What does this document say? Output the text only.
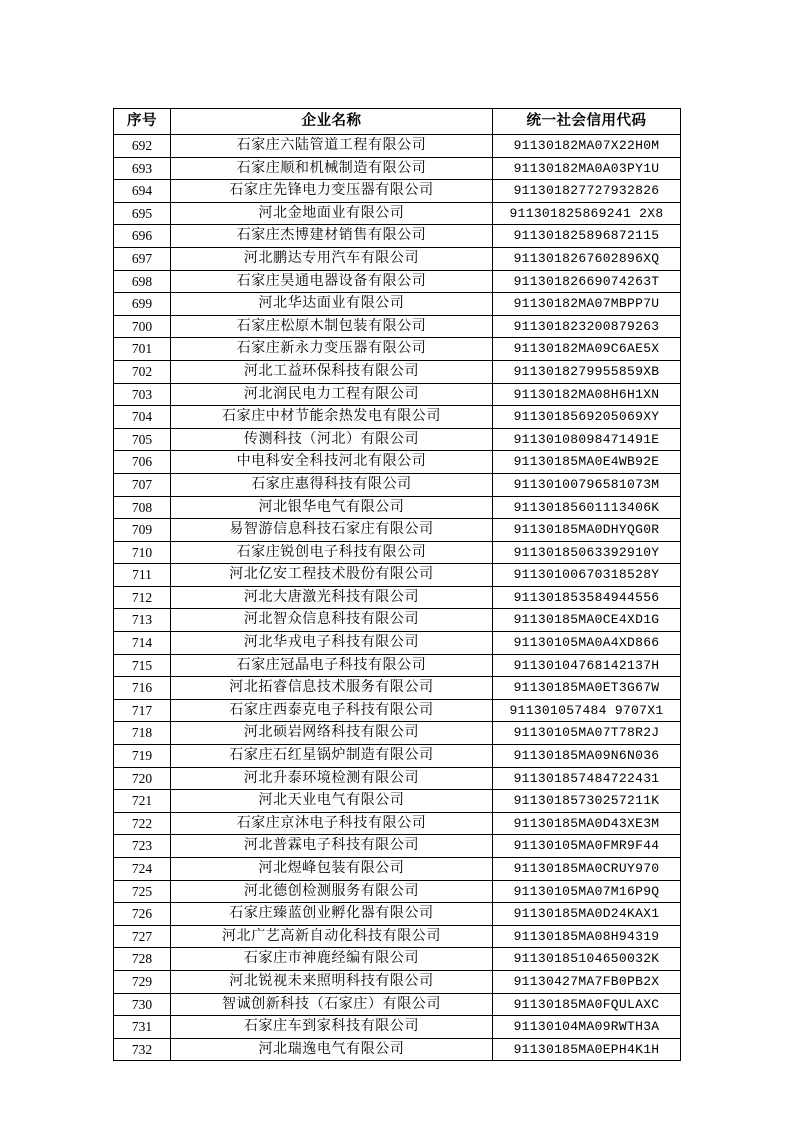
序号	企业名称	统一社会信用代码
692	石家庄六陆管道工程有限公司	91130182MA07X22H0M
693	石家庄顺和机械制造有限公司	91130182MA0A03PY1U
694	石家庄先锋电力变压器有限公司	911301827727932826
695	河北金地面业有限公司	911301825869241 2X8
696	石家庄杰博建材销售有限公司	911301825896872115
697	河北鹏达专用汽车有限公司	9113018267602896XQ
698	石家庄昊通电器设备有限公司	91130182669074263T
699	河北华达面业有限公司	91130182MA07MBPP7U
700	石家庄松原木制包装有限公司	911301823200879263
701	石家庄新永力变压器有限公司	91130182MA09C6AE5X
702	河北工益环保科技有限公司	9113018279955859XB
703	河北润民电力工程有限公司	91130182MA08H6H1XN
704	石家庄中材节能余热发电有限公司	9113018569205069XY
705	传测科技（河北）有限公司	91130108098471491E
706	中电科安全科技河北有限公司	91130185MA0E4WB92E
707	石家庄惠得科技有限公司	91130100796581073M
708	河北银华电气有限公司	91130185601113406K
709	易智游信息科技石家庄有限公司	91130185MA0DHYQG0R
710	石家庄锐创电子科技有限公司	91130185063392910Y
711	河北亿安工程技术股份有限公司	91130100670318528Y
712	河北大唐激光科技有限公司	911301853584944556
713	河北智众信息科技有限公司	91130185MA0CE4XD1G
714	河北华戎电子科技有限公司	91130105MA0A4XD866
715	石家庄冠晶电子科技有限公司	91130104768142137H
716	河北拓睿信息技术服务有限公司	91130185MA0ET3G67W
717	石家庄西泰克电子科技有限公司	911301057484 9707X1
718	河北硕岩网络科技有限公司	91130105MA07T78R2J
719	石家庄石红星锅炉制造有限公司	91130185MA09N6N036
720	河北升泰环境检测有限公司	911301857484722431
721	河北天业电气有限公司	91130185730257211K
722	石家庄京沐电子科技有限公司	91130185MA0D43XE3M
723	河北普霖电子科技有限公司	91130105MA0FMR9F44
724	河北煜峰包装有限公司	91130185MA0CRUY970
725	河北德创检测服务有限公司	91130105MA07M16P9Q
726	石家庄臻蓝创业孵化器有限公司	91130185MA0D24KAX1
727	河北广艺高新自动化科技有限公司	91130185MA08H94319
728	石家庄市神鹿经编有限公司	91130185104650032K
729	河北锐视未来照明科技有限公司	91130427MA7FB0PB2X
730	智诚创新科技（石家庄）有限公司	91130185MA0FQULAXC
731	石家庄车到家科技有限公司	91130104MA09RWTH3A
732	河北瑞逸电气有限公司	91130185MA0EPH4K1H
